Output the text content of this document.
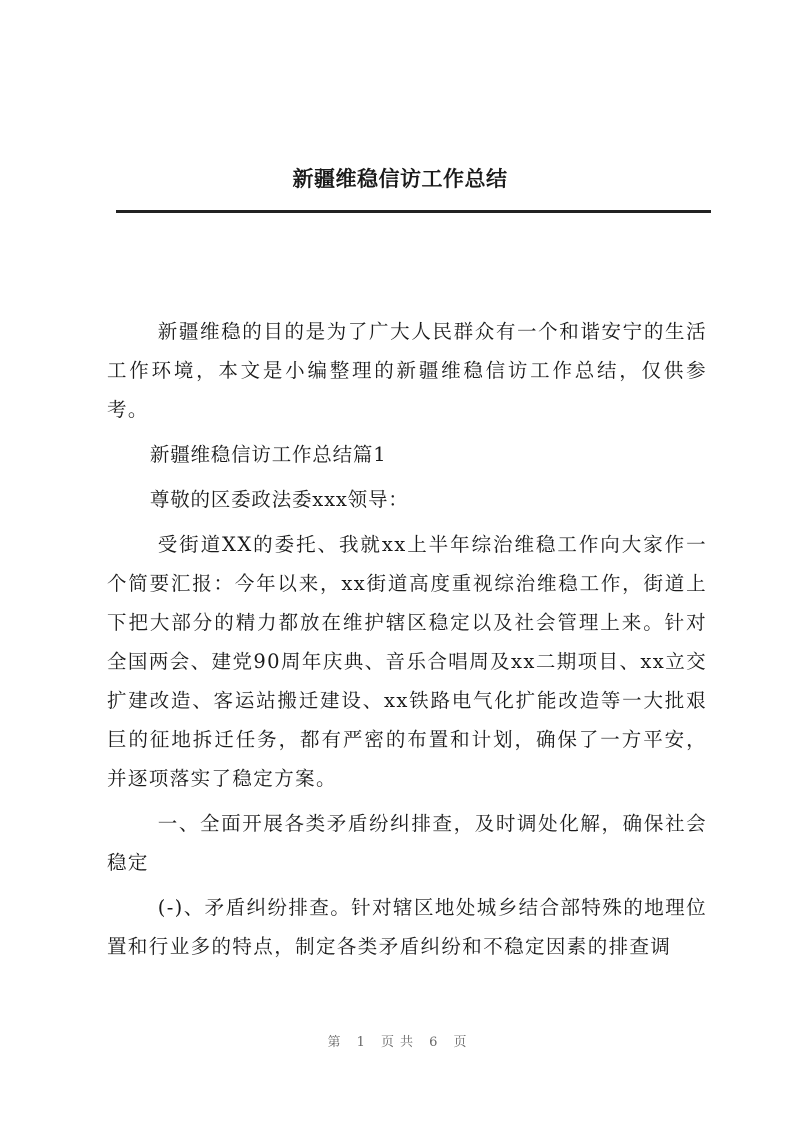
新疆维稳信访工作总结

新疆维稳的目的是为了广大人民群众有一个和谐安宁的生活工作环境，本文是小编整理的新疆维稳信访工作总结，仅供参考。

新疆维稳信访工作总结篇1

尊敬的区委政法委xxx领导：

受街道XX的委托、我就xx上半年综治维稳工作向大家作一个简要汇报：今年以来，xx街道高度重视综治维稳工作，街道上下把大部分的精力都放在维护辖区稳定以及社会管理上来。针对全国两会、建党90周年庆典、音乐合唱周及xx二期项目、xx立交扩建改造、客运站搬迁建设、xx铁路电气化扩能改造等一大批艰巨的征地拆迁任务，都有严密的布置和计划，确保了一方平安，并逐项落实了稳定方案。

一、全面开展各类矛盾纷纠排查，及时调处化解，确保社会稳定

(-)、矛盾纠纷排查。针对辖区地处城乡结合部特殊的地理位置和行业多的特点，制定各类矛盾纠纷和不稳定因素的排查调

第 1 页共 6 页
